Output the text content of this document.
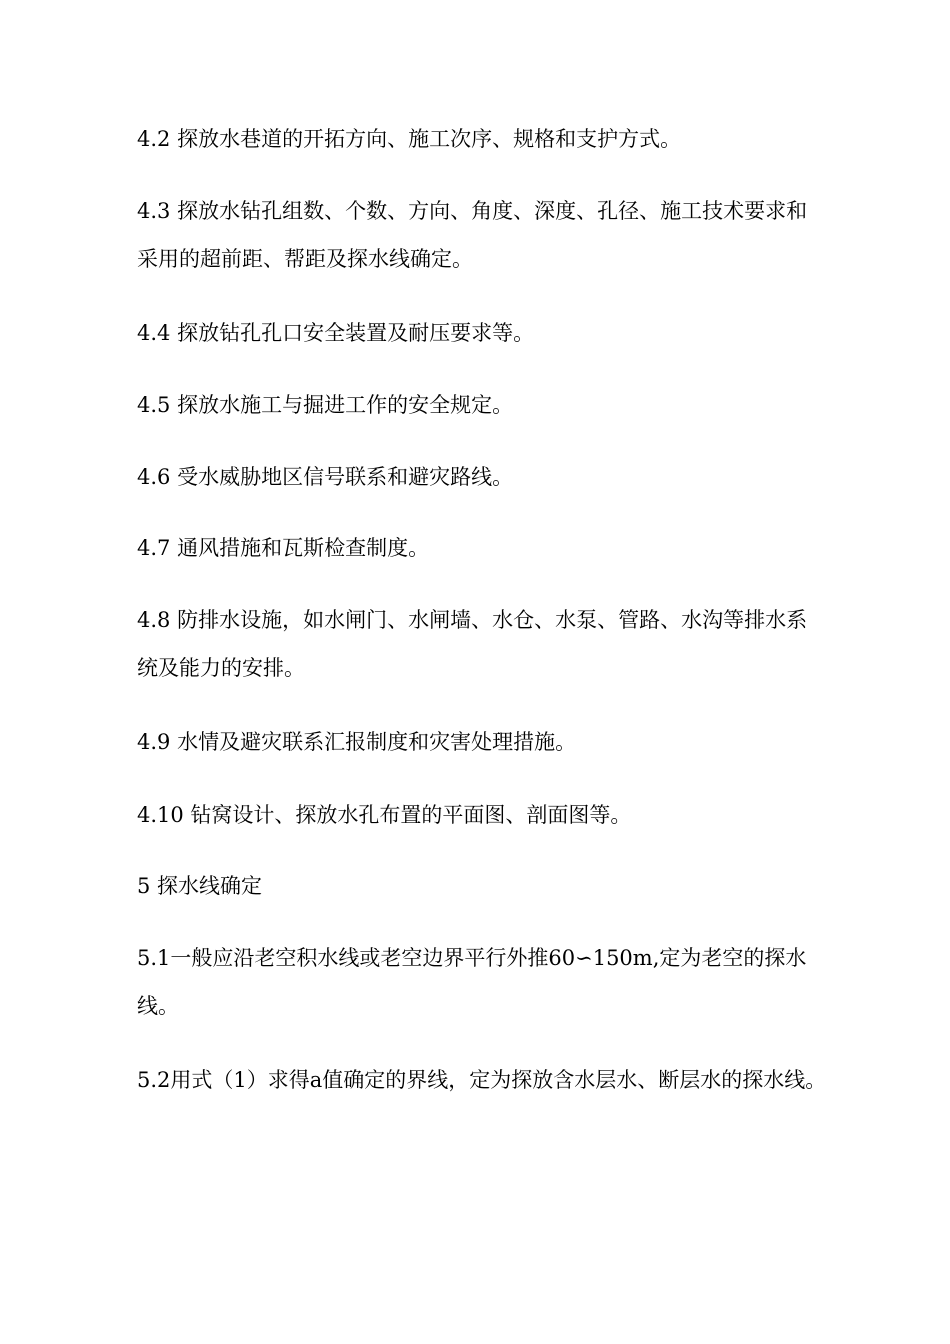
4.2 探放水巷道的开拓方向、施工次序、规格和支护方式。

4.3 探放水钻孔组数、个数、方向、角度、深度、孔径、施工技术要求和采用的超前距、帮距及探水线确定。

4.4 探放钻孔孔口安全装置及耐压要求等。

4.5 探放水施工与掘进工作的安全规定。

4.6 受水威胁地区信号联系和避灾路线。

4.7 通风措施和瓦斯检查制度。

4.8 防排水设施，如水闸门、水闸墙、水仓、水泵、管路、水沟等排水系统及能力的安排。

4.9 水情及避灾联系汇报制度和灾害处理措施。

4.10 钻窝设计、探放水孔布置的平面图、剖面图等。

5 探水线确定

5.1一般应沿老空积水线或老空边界平行外推60∽150m,定为老空的探水线。

5.2用式（1）求得a值确定的界线，定为探放含水层水、断层水的探水线。
